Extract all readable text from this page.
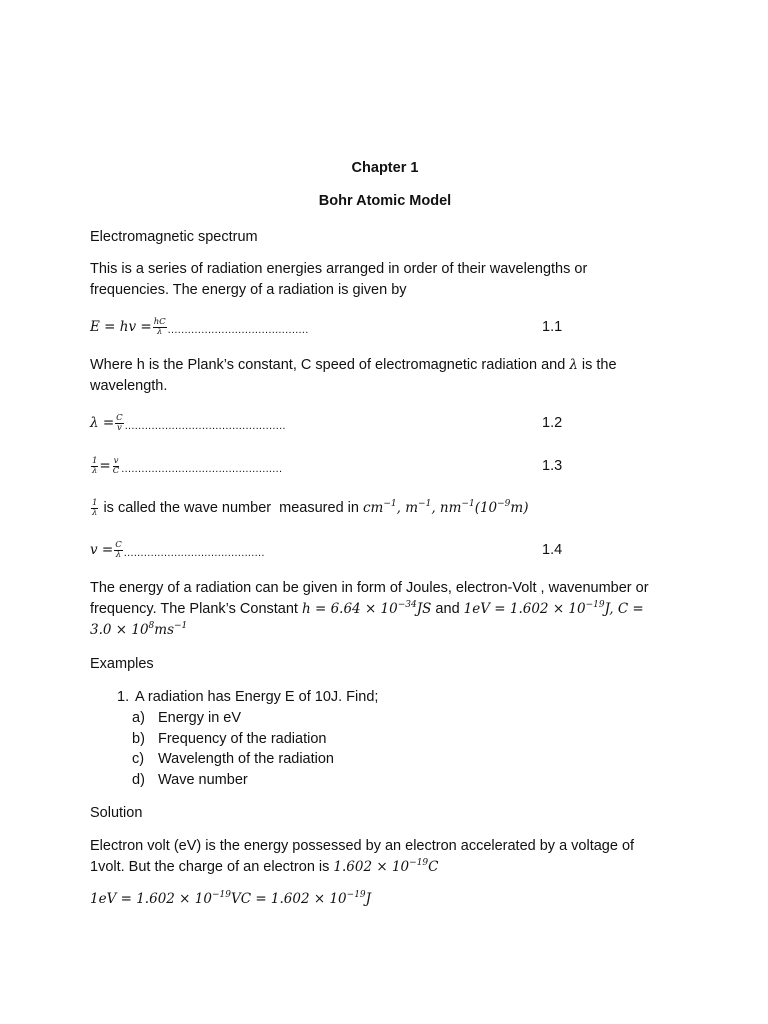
Chapter 1
Bohr Atomic Model
Electromagnetic spectrum
This is a series of radiation energies arranged in order of their wavelengths or frequencies. The energy of a radiation is given by
E = hv = $\frac{hC}{\lambda}$ ..........................................	1.1
Where h is the Plank’s constant, C speed of electromagnetic radiation and λ is the wavelength.
$\lambda = \frac{C}{v}$ ................................................	1.2
$\frac{1}{\lambda} = \frac{v}{C}$ ................................................	1.3
$\frac{1}{\lambda}$ is called the wave number  measured in $cm^{-1}$, $m^{-1}$, $nm^{-1}(10^{-9}m)$
$v = \frac{C}{\lambda}$ ..........................................	1.4
The energy of a radiation can be given in form of Joules, electron-Volt , wavenumber or frequency. The Plank’s Constant $h = 6.64 \times 10^{-34}JS$ and $1eV = 1.602 \times 10^{-19}J$, C =
$3.0 \times 10^8ms^{-1}$
Examples
1. A radiation has Energy E of 10J. Find;
a) Energy in eV
b) Frequency of the radiation
c) Wavelength of the radiation
d) Wave number
Solution
Electron volt (eV) is the energy possessed by an electron accelerated by a voltage of 1volt. But the charge of an electron is $1.602 \times 10^{-19}C$
$1eV = 1.602 \times 10^{-19}VC = 1.602 \times 10^{-19}J$
